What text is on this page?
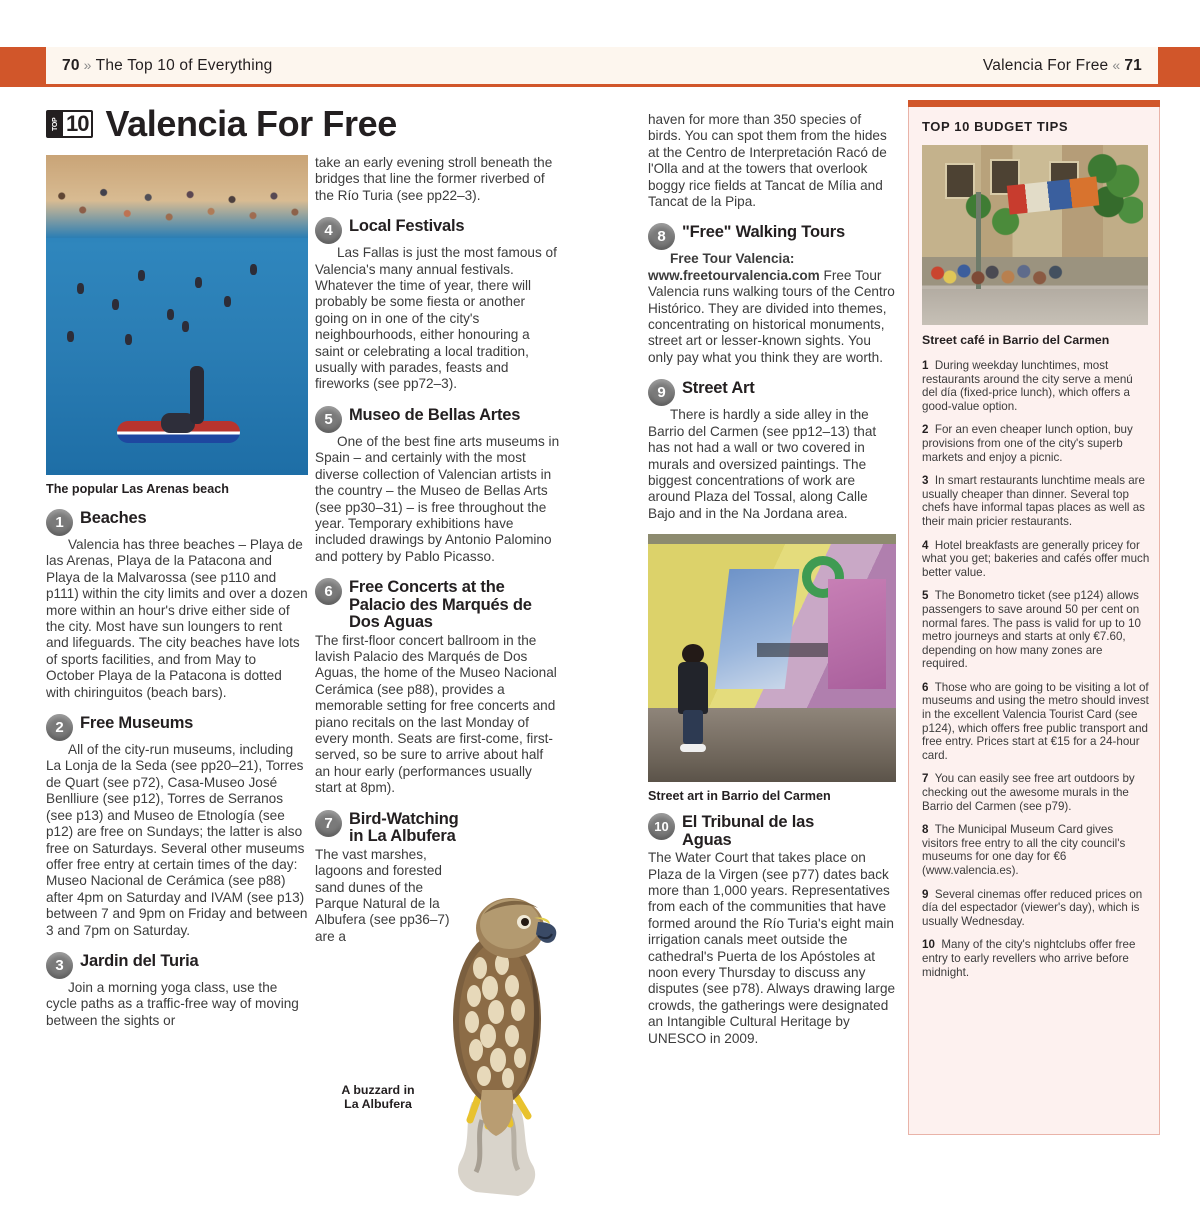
70 » The Top 10 of Everything	Valencia For Free « 71
TOP 10 Valencia For Free
The popular Las Arenas beach
1 Beaches
Valencia has three beaches – Playa de las Arenas, Playa de la Patacona and Playa de la Malvarossa (see p110 and p111) within the city limits and over a dozen more within an hour's drive either side of the city. Most have sun loungers to rent and lifeguards. The city beaches have lots of sports facilities, and from May to October Playa de la Patacona is dotted with chiringuitos (beach bars).
2 Free Museums
All of the city-run museums, including La Lonja de la Seda (see pp20–21), Torres de Quart (see p72), Casa-Museo José Benlliure (see p12), Torres de Serranos (see p13) and Museo de Etnología (see p12) are free on Sundays; the latter is also free on Saturdays. Several other museums offer free entry at certain times of the day: Museo Nacional de Cerámica (see p88) after 4pm on Saturday and IVAM (see p13) between 7 and 9pm on Friday and between 3 and 7pm on Saturday.
3 Jardin del Turia
Join a morning yoga class, use the cycle paths as a traffic-free way of moving between the sights or
take an early evening stroll beneath the bridges that line the former riverbed of the Río Turia (see pp22–3).
4 Local Festivals
Las Fallas is just the most famous of Valencia's many annual festivals. Whatever the time of year, there will probably be some fiesta or another going on in one of the city's neighbourhoods, either honouring a saint or celebrating a local tradition, usually with parades, feasts and fireworks (see pp72–3).
5 Museo de Bellas Artes
One of the best fine arts museums in Spain – and certainly with the most diverse collection of Valencian artists in the country – the Museo de Bellas Arts (see pp30–31) – is free throughout the year. Temporary exhibitions have included drawings by Antonio Palomino and pottery by Pablo Picasso.
6 Free Concerts at the Palacio des Marqués de Dos Aguas
The first-floor concert ballroom in the lavish Palacio des Marqués de Dos Aguas, the home of the Museo Nacional Cerámica (see p88), provides a memorable setting for free concerts and piano recitals on the last Monday of every month. Seats are first-come, first-served, so be sure to arrive about half an hour early (performances usually start at 8pm).
7 Bird-Watching in La Albufera
The vast marshes, lagoons and forested sand dunes of the Parque Natural de la Albufera (see pp36–7) are a
A buzzard in
La Albufera
haven for more than 350 species of birds. You can spot them from the hides at the Centro de Interpretación Racó de l'Olla and at the towers that overlook boggy rice fields at Tancat de Mília and Tancat de la Pipa.
8 "Free" Walking Tours
Free Tour Valencia: www.freetourvalencia.com Free Tour Valencia runs walking tours of the Centro Histórico. They are divided into themes, concentrating on historical monuments, street art or lesser-known sights. You only pay what you think they are worth.
9 Street Art
There is hardly a side alley in the Barrio del Carmen (see pp12–13) that has not had a wall or two covered in murals and oversized paintings. The biggest concentrations of work are around Plaza del Tossal, along Calle Bajo and in the Na Jordana area.
Street art in Barrio del Carmen
10 El Tribunal de las Aguas
The Water Court that takes place on Plaza de la Virgen (see p77) dates back more than 1,000 years. Representatives from each of the communities that have formed around the Río Turia's eight main irrigation canals meet outside the cathedral's Puerta de los Apóstoles at noon every Thursday to discuss any disputes (see p78). Always drawing large crowds, the gatherings were designated an Intangible Cultural Heritage by UNESCO in 2009.
TOP 10 BUDGET TIPS
Street café in Barrio del Carmen
1 During weekday lunchtimes, most restaurants around the city serve a menú del día (fixed-price lunch), which offers a good-value option.
2 For an even cheaper lunch option, buy provisions from one of the city's superb markets and enjoy a picnic.
3 In smart restaurants lunchtime meals are usually cheaper than dinner. Several top chefs have informal tapas places as well as their main pricier restaurants.
4 Hotel breakfasts are generally pricey for what you get; bakeries and cafés offer much better value.
5 The Bonometro ticket (see p124) allows passengers to save around 50 per cent on normal fares. The pass is valid for up to 10 metro journeys and starts at only €7.60, depending on how many zones are required.
6 Those who are going to be visiting a lot of museums and using the metro should invest in the excellent Valencia Tourist Card (see p124), which offers free public transport and free entry. Prices start at €15 for a 24-hour card.
7 You can easily see free art outdoors by checking out the awesome murals in the Barrio del Carmen (see p79).
8 The Municipal Museum Card gives visitors free entry to all the city council's museums for one day for €6 (www.valencia.es).
9 Several cinemas offer reduced prices on día del espectador (viewer's day), which is usually Wednesday.
10 Many of the city's nightclubs offer free entry to early revellers who arrive before midnight.
